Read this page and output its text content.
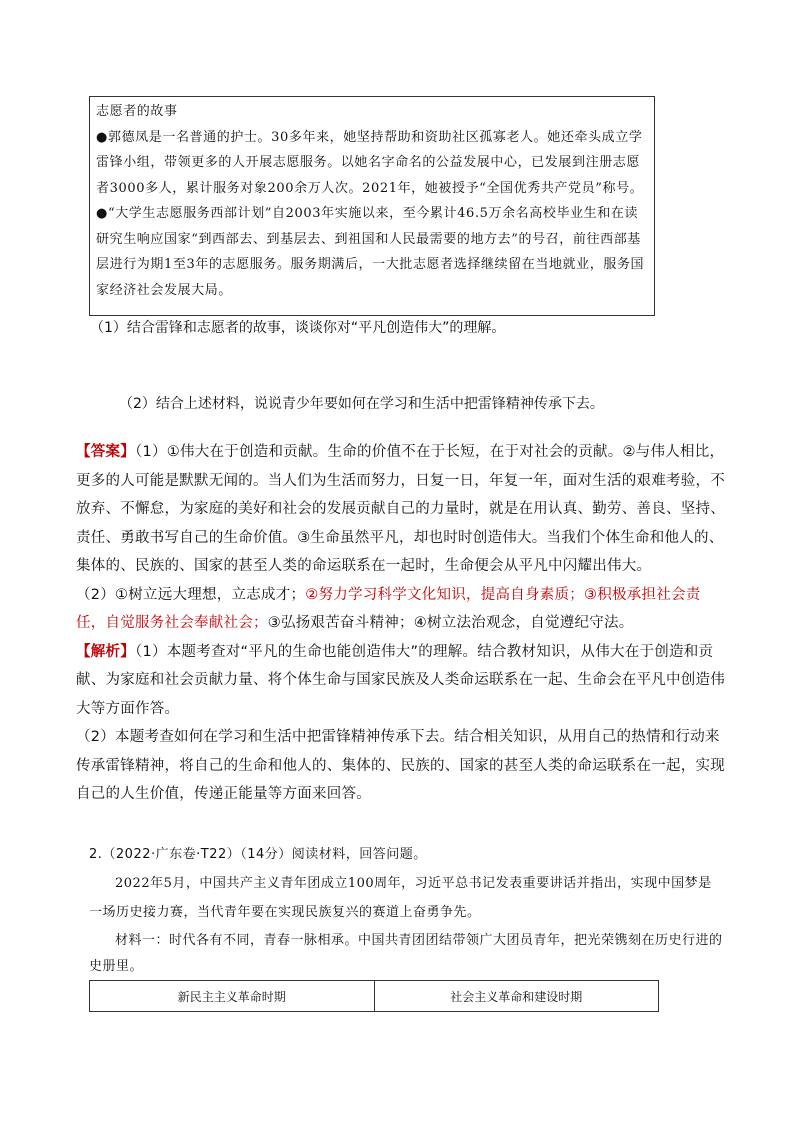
志愿者的故事

●郭德凤是一名普通的护士。30多年来，她坚持帮助和资助社区孤寡老人。她还牵头成立学雷锋小组，带领更多的人开展志愿服务。以她名字命名的公益发展中心，已发展到注册志愿者3000多人，累计服务对象200余万人次。2021年，她被授予“全国优秀共产党员”称号。

●“大学生志愿服务西部计划”自2003年实施以来，至今累计46.5万余名高校毕业生和在读研究生响应国家“到西部去、到基层去、到祖国和人民最需要的地方去”的号召，前往西部基层进行为期1至3年的志愿服务。服务期满后，一大批志愿者选择继续留在当地就业，服务国家经济社会发展大局。

（1）结合雷锋和志愿者的故事，谈谈你对“平凡创造伟大”的理解。
（2）结合上述材料，说说青少年要如何在学习和生活中把雷锋精神传承下去。

【答案】（1）①伟大在于创造和贡献。生命的价值不在于长短，在于对社会的贡献。②与伟人相比，更多的人可能是默默无闻的。当人们为生活而努力，日复一日，年复一年，面对生活的艰难考验，不放弃、不懈怠，为家庭的美好和社会的发展贡献自己的力量时，就是在用认真、勤劳、善良、坚持、责任、勇敢书写自己的生命价值。③生命虽然平凡，却也时时创造伟大。当我们个体生命和他人的、集体的、民族的、国家的甚至人类的命运联系在一起时，生命便会从平凡中闪耀出伟大。

（2）①树立远大理想，立志成才；②努力学习科学文化知识，提高自身素质；③积极承担社会责任，自觉服务社会奉献社会；③弘扬艰苦奋斗精神；④树立法治观念，自觉遵纪守法。

【解析】（1）本题考查对“平凡的生命也能创造伟大”的理解。结合教材知识，从伟大在于创造和贡献、为家庭和社会贡献力量、将个体生命与国家民族及人类命运联系在一起、生命会在平凡中创造伟大等方面作答。

（2）本题考查如何在学习和生活中把雷锋精神传承下去。结合相关知识，从用自己的热情和行动来传承雷锋精神，将自己的生命和他人的、集体的、民族的、国家的甚至人类的命运联系在一起，实现自己的人生价值，传递正能量等方面来回答。

2.（2022·广东卷·T22）（14分）阅读材料，回答问题。

2022年5月，中国共产主义青年团成立100周年，习近平总书记发表重要讲话并指出，实现中国梦是一场历史接力赛，当代青年要在实现民族复兴的赛道上奋勇争先。
材料一：时代各有不同，青春一脉相承。中国共青团团结带领广大团员青年，把光荣镌刻在历史行进的史册里。
新民主主义革命时期	社会主义革命和建设时期
